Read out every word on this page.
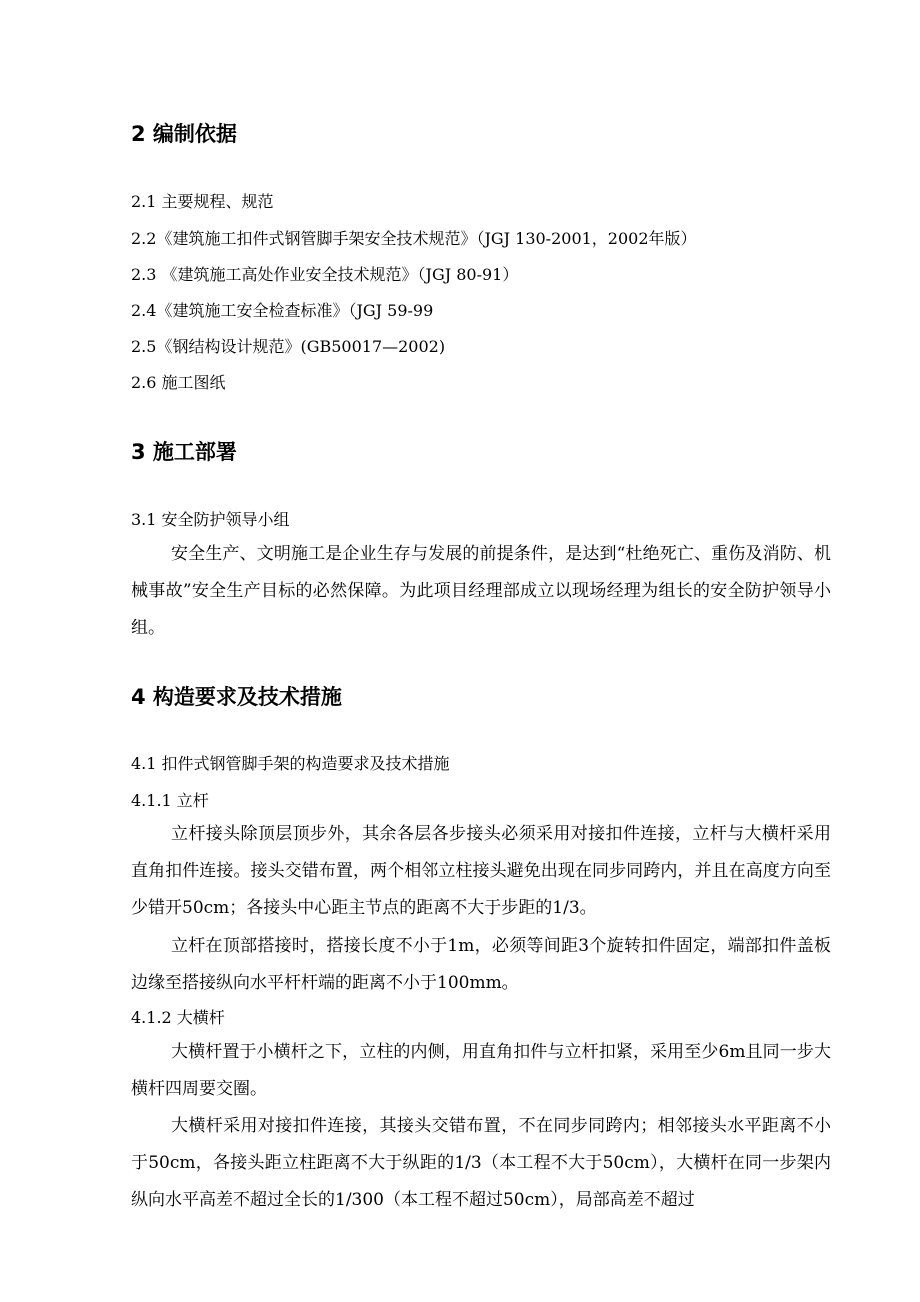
2 编制依据
2.1 主要规程、规范
2.2《建筑施工扣件式钢管脚手架安全技术规范》（JGJ 130-2001，2002年版）
2.3 《建筑施工高处作业安全技术规范》（JGJ 80-91）
2.4《建筑施工安全检查标准》（JGJ 59-99
2.5《钢结构设计规范》(GB50017—2002)
2.6 施工图纸
3 施工部署
3.1 安全防护领导小组
安全生产、文明施工是企业生存与发展的前提条件，是达到“杜绝死亡、重伤及消防、机械事故”安全生产目标的必然保障。为此项目经理部成立以现场经理为组长的安全防护领导小组。
4 构造要求及技术措施
4.1 扣件式钢管脚手架的构造要求及技术措施
4.1.1 立杆
立杆接头除顶层顶步外，其余各层各步接头必须采用对接扣件连接，立杆与大横杆采用直角扣件连接。接头交错布置，两个相邻立柱接头避免出现在同步同跨内，并且在高度方向至少错开50cm；各接头中心距主节点的距离不大于步距的1/3。
立杆在顶部搭接时，搭接长度不小于1m，必须等间距3个旋转扣件固定，端部扣件盖板边缘至搭接纵向水平杆杆端的距离不小于100mm。
4.1.2 大横杆
大横杆置于小横杆之下，立柱的内侧，用直角扣件与立杆扣紧，采用至少6m且同一步大横杆四周要交圈。
大横杆采用对接扣件连接，其接头交错布置，不在同步同跨内；相邻接头水平距离不小于50cm，各接头距立柱距离不大于纵距的1/3（本工程不大于50cm），大横杆在同一步架内纵向水平高差不超过全长的1/300（本工程不超过50cm），局部高差不超过
